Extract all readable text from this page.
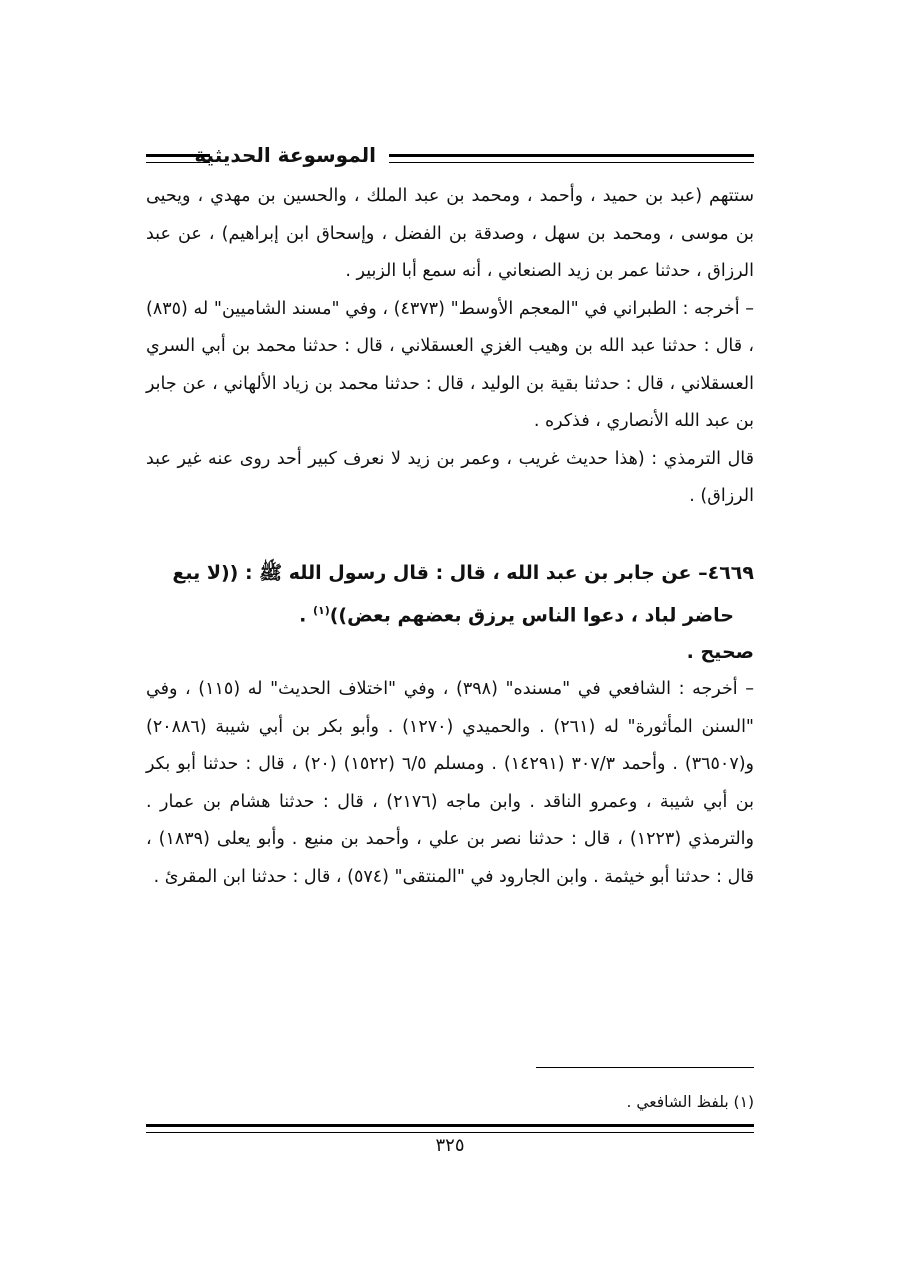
الموسوعة الحديثية

ستتهم (عبد بن حميد ، وأحمد ، ومحمد بن عبد الملك ، والحسين بن مهدي ، ويحيى بن موسى ، ومحمد بن سهل ، وصدقة بن الفضل ، وإسحاق ابن إبراهيم) ، عن عبد الرزاق ، حدثنا عمر بن زيد الصنعاني ، أنه سمع أبا الزبير .

– أخرجه : الطبراني في "المعجم الأوسط" (٤٣٧٣) ، وفي "مسند الشاميين" له (٨٣٥) ، قال : حدثنا عبد الله بن وهيب الغزي العسقلاني ، قال : حدثنا محمد بن أبي السري العسقلاني ، قال : حدثنا بقية بن الوليد ، قال : حدثنا محمد بن زياد الألهاني ، عن جابر بن عبد الله الأنصاري ، فذكره .

قال الترمذي : (هذا حديث غريب ، وعمر بن زيد لا نعرف كبير أحد روى عنه غير عبد الرزاق) .

٤٦٦٩– عن جابر بن عبد الله ، قال : قال رسول الله ﷺ : ((لا يبع
حاضر لباد ، دعوا الناس يرزق بعضهم بعض))$^{(١)}$ .

صحيح .

– أخرجه : الشافعي في "مسنده" (٣٩٨) ، وفي "اختلاف الحديث" له (١١٥) ، وفي "السنن المأثورة" له (٢٦١) . والحميدي (١٢٧٠) . وأبو بكر بن أبي شيبة (٢٠٨٨٦) و(٣٦٥٠٧) . وأحمد ٣٠٧/٣ (١٤٢٩١) . ومسلم ٦/٥ (١٥٢٢) (٢٠) ، قال : حدثنا أبو بكر بن أبي شيبة ، وعمرو الناقد . وابن ماجه (٢١٧٦) ، قال : حدثنا هشام بن عمار . والترمذي (١٢٢٣) ، قال : حدثنا نصر بن علي ، وأحمد بن منيع . وأبو يعلى (١٨٣٩) ، قال : حدثنا أبو خيثمة . وابن الجارود في "المنتقى" (٥٧٤) ، قال : حدثنا ابن المقرئ .

(١) بلفظ الشافعي .
٣٢٥
